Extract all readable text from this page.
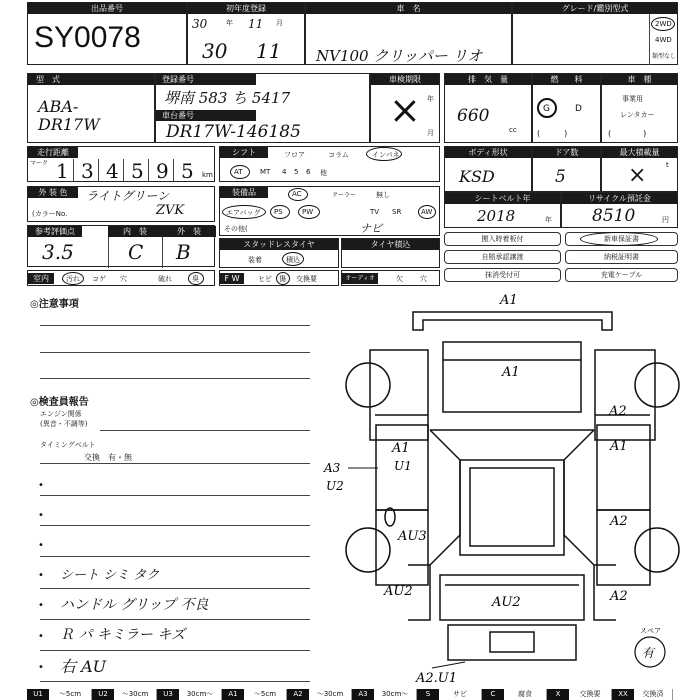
出品番号
SY0078
初年度登録
30	年 11 月
30 11
車　名
NV100 クリッパー リオ
グレード/鑑別型式
2WD
4WD
類型なし
型　式
ABA-DR17W
登録番号
堺南 583 ち 5417
車台番号
DR17W-146185
車検期限
年
月
×
排　気　量
660
cc
燃　　料
G	D
(　　　)
車　種
事業用
レンタカー
(　　　　)
走行距離
マーク 1 3 4 5 9 5 km
シフト	フロア	コラム	インパネ
AT MT 4 5 6 他
ボディ形状
KSD
ドア数
5
最大積載量
t
×
外 装 色	ライトグリーン
(カラーNo.	ZVK
装備品	AC	クーラー	無し
エアバッグ PS	PW	TV SR	AW
その他(	ナビ
シートベルト年
2018	年
リサイクル預託金
8510	円
参考評価点
3.5
内　装
C
外　装
B	スタッドレスタイヤ
装着	積込
タイヤ積込
搬入時着板付	新車保証書
自賠承認譲渡	納税証明書
抹消受付可	充電ケーブル
室内	汚れ コゲ 穴	破れ	臭	F W	ヒビ 傷 交換要	オーディオ	欠 穴
◎注意事項
◎検査員報告
エンジン関係
(異音・不調等)
タイミングベルト
交換　有・無
•
•
•
• シート シミ タク
• ハンドル グリップ 不良
• Ｒ パ キミラー キズ
• 右 AU
A1
A1
A2
A1
U1
A1
A2
A3
U2
AU3
AU2
AU2	A2
A2.U1
スペア
有
U1	〜5cm	U2	〜30cm	U3	30cm〜	A1	〜5cm	A2	〜30cm	A3	30cm〜	S	サビ	C	腐食	X	交換要	XX	交換済
